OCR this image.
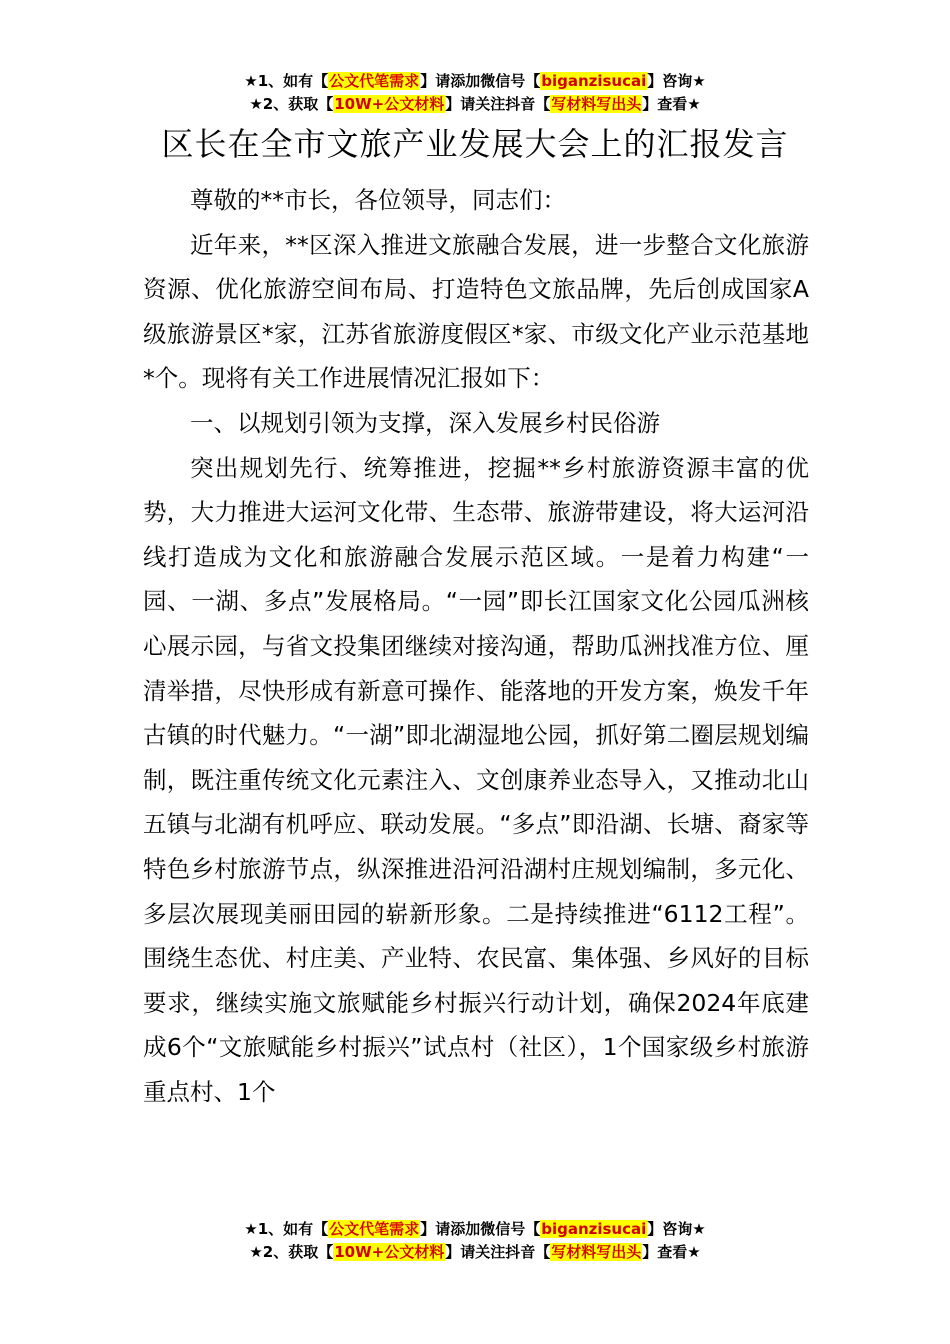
★1、如有【公文代笔需求】请添加微信号【biganzisucai】咨询★
★2、获取【10W+公文材料】请关注抖音【写材料写出头】查看★
区长在全市文旅产业发展大会上的汇报发言

尊敬的**市长，各位领导，同志们：

近年来，**区深入推进文旅融合发展，进一步整合文化旅游资源、优化旅游空间布局、打造特色文旅品牌，先后创成国家A级旅游景区*家，江苏省旅游度假区*家、市级文化产业示范基地*个。现将有关工作进展情况汇报如下：

一、以规划引领为支撑，深入发展乡村民俗游

突出规划先行、统筹推进，挖掘**乡村旅游资源丰富的优势，大力推进大运河文化带、生态带、旅游带建设，将大运河沿线打造成为文化和旅游融合发展示范区域。一是着力构建“一园、一湖、多点”发展格局。“一园”即长江国家文化公园瓜洲核心展示园，与省文投集团继续对接沟通，帮助瓜洲找准方位、厘清举措，尽快形成有新意可操作、能落地的开发方案，焕发千年古镇的时代魅力。“一湖”即北湖湿地公园，抓好第二圈层规划编制，既注重传统文化元素注入、文创康养业态导入，又推动北山五镇与北湖有机呼应、联动发展。“多点”即沿湖、长塘、裔家等特色乡村旅游节点，纵深推进沿河沿湖村庄规划编制，多元化、多层次展现美丽田园的崭新形象。二是持续推进“6112工程”。围绕生态优、村庄美、产业特、农民富、集体强、乡风好的目标要求，继续实施文旅赋能乡村振兴行动计划，确保2024年底建成6个“文旅赋能乡村振兴”试点村（社区），1个国家级乡村旅游重点村、1个

★1、如有【公文代笔需求】请添加微信号【biganzisucai】咨询★
★2、获取【10W+公文材料】请关注抖音【写材料写出头】查看★
